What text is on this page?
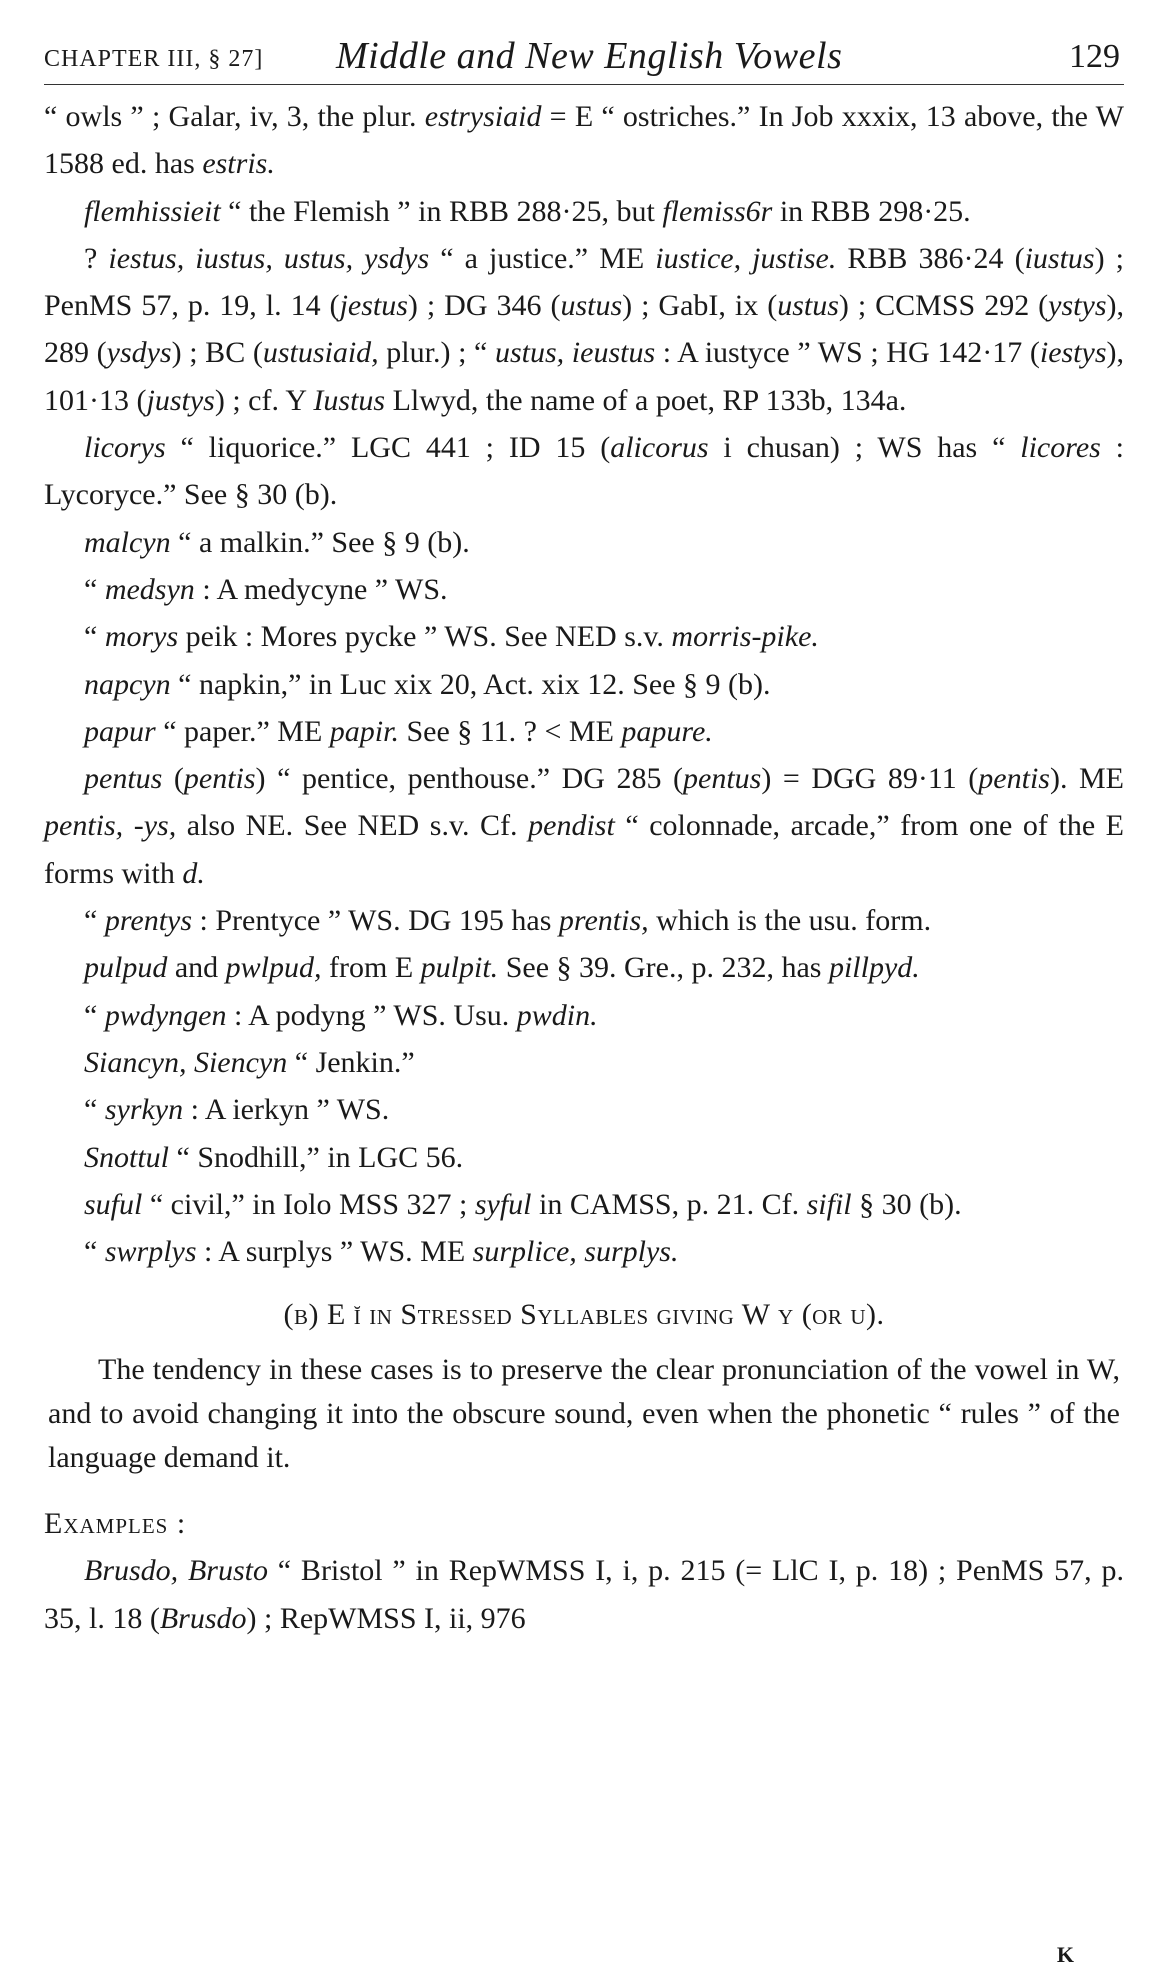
CHAPTER III, § 27] Middle and New English Vowels	129
“ owls ” ; Galar, iv, 3, the plur. estrysiaid = E “ ostriches.” In Job xxxix, 13 above, the W 1588 ed. has estris.
flemhissieit “ the Flemish ” in RBB 288·25, but flemiss6r in RBB 298·25.
? iestus, iustus, ustus, ysdys “ a justice.” ME iustice, justise. RBB 386·24 (iustus) ; PenMS 57, p. 19, l. 14 (jestus) ; DG 346 (ustus) ; GabI, ix (ustus) ; CCMSS 292 (ystys), 289 (ysdys) ; BC (ustusiaid, plur.) ; “ ustus, ieustus : A iustyce ” WS ; HG 142·17 (iestys), 101·13 (justys) ; cf. Y Iustus Llwyd, the name of a poet, RP 133b, 134a.
licorys “ liquorice.” LGC 441 ; ID 15 (alicorus i chusan) ; WS has “ licores : Lycoryce.” See § 30 (b).
malcyn “ a malkin.” See § 9 (b).
“ medsyn : A medycyne ” WS.
“ morys peik : Mores pycke ” WS. See NED s.v. morris-pike.
napcyn “ napkin,” in Luc xix 20, Act. xix 12. See § 9 (b).
papur “ paper.” ME papir. See § 11. ? < ME papure.
pentus (pentis) “ pentice, penthouse.” DG 285 (pentus) = DGG 89·11 (pentis). ME pentis, -ys, also NE. See NED s.v. Cf. pendist “ colonnade, arcade,” from one of the E forms with d.
“ prentys : Prentyce ” WS. DG 195 has prentis, which is the usu. form.
pulpud and pwlpud, from E pulpit. See § 39. Gre., p. 232, has pillpyd.
“ pwdyngen : A podyng ” WS. Usu. pwdin.
Siancyn, Siencyn “ Jenkin.”
“ syrkyn : A ierkyn ” WS.
Snottul “ Snodhill,” in LGC 56.
suful “ civil,” in Iolo MSS 327 ; syful in CAMSS, p. 21. Cf. sifil § 30 (b).
“ swrplys : A surplys ” WS. ME surplice, surplys.
(b) E ĭ in Stressed Syllables giving W y (or u).

The tendency in these cases is to preserve the clear pronunciation of the vowel in W, and to avoid changing it into the obscure sound, even when the phonetic “ rules ” of the language demand it.

Examples :
Brusdo, Brusto “ Bristol ” in RepWMSS I, i, p. 215 (= LlC I, p. 18) ; PenMS 57, p. 35, l. 18 (Brusdo) ; RepWMSS I, ii, 976
K
